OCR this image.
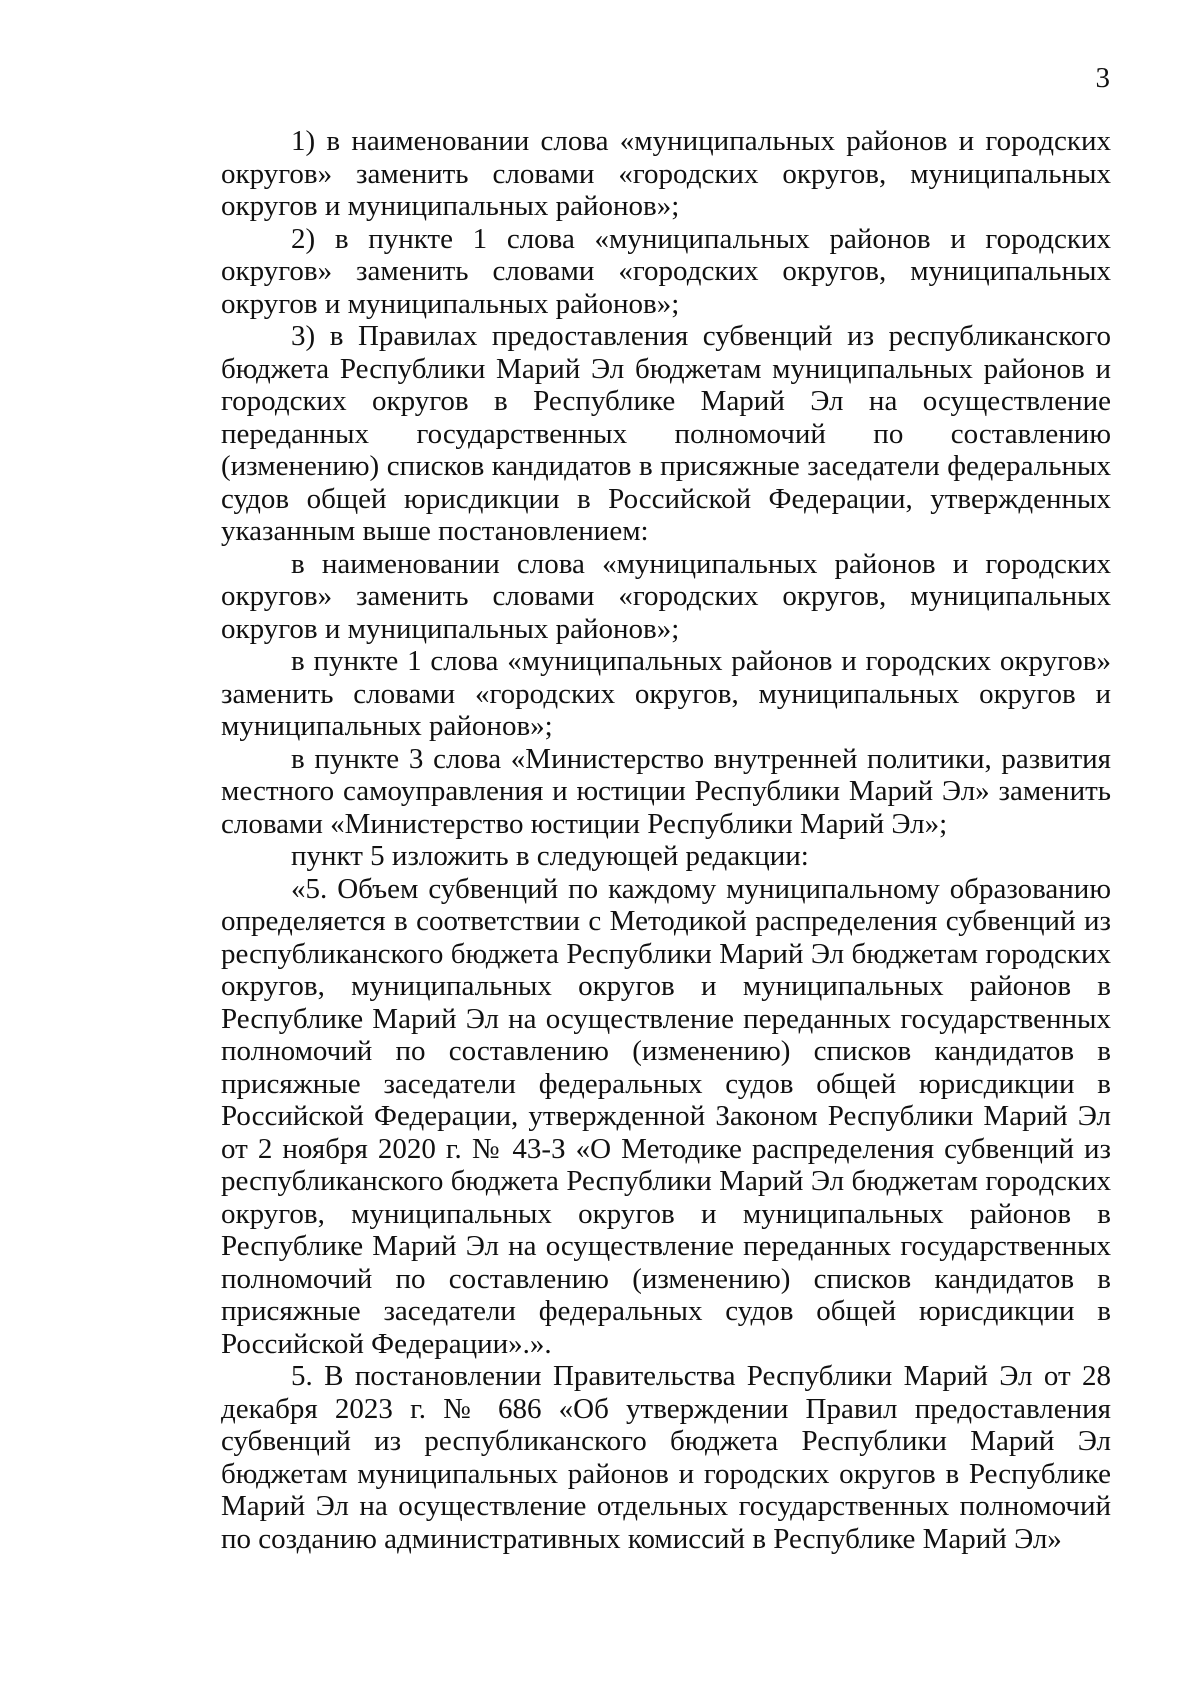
3

1) в наименовании слова «муниципальных районов и городских округов» заменить словами «городских округов, муниципальных округов и муниципальных районов»;

2) в пункте 1 слова «муниципальных районов и городских округов» заменить словами «городских округов, муниципальных округов и муниципальных районов»;

3) в Правилах предоставления субвенций из республиканского бюджета Республики Марий Эл бюджетам муниципальных районов и городских округов в Республике Марий Эл на осуществление переданных государственных полномочий по составлению (изменению) списков кандидатов в присяжные заседатели федеральных судов общей юрисдикции в Российской Федерации, утвержденных указанным выше постановлением:

в наименовании слова «муниципальных районов и городских округов» заменить словами «городских округов, муниципальных округов и муниципальных районов»;

в пункте 1 слова «муниципальных районов и городских округов» заменить словами «городских округов, муниципальных округов и муниципальных районов»;

в пункте 3 слова «Министерство внутренней политики, развития местного самоуправления и юстиции Республики Марий Эл» заменить словами «Министерство юстиции Республики Марий Эл»;

пункт 5 изложить в следующей редакции:

«5. Объем субвенций по каждому муниципальному образованию определяется в соответствии с Методикой распределения субвенций из республиканского бюджета Республики Марий Эл бюджетам городских округов, муниципальных округов и муниципальных районов в Республике Марий Эл на осуществление переданных государственных полномочий по составлению (изменению) списков кандидатов в присяжные заседатели федеральных судов общей юрисдикции в Российской Федерации, утвержденной Законом Республики Марий Эл от 2 ноября 2020 г. № 43-З «О Методике распределения субвенций из республиканского бюджета Республики Марий Эл бюджетам городских округов, муниципальных округов и муниципальных районов в Республике Марий Эл на осуществление переданных государственных полномочий по составлению (изменению) списков кандидатов в присяжные заседатели федеральных судов общей юрисдикции в Российской Федерации».».

5. В постановлении Правительства Республики Марий Эл от 28 декабря 2023 г. № 686 «Об утверждении Правил предоставления субвенций из республиканского бюджета Республики Марий Эл бюджетам муниципальных районов и городских округов в Республике Марий Эл на осуществление отдельных государственных полномочий по созданию административных комиссий в Республике Марий Эл»
